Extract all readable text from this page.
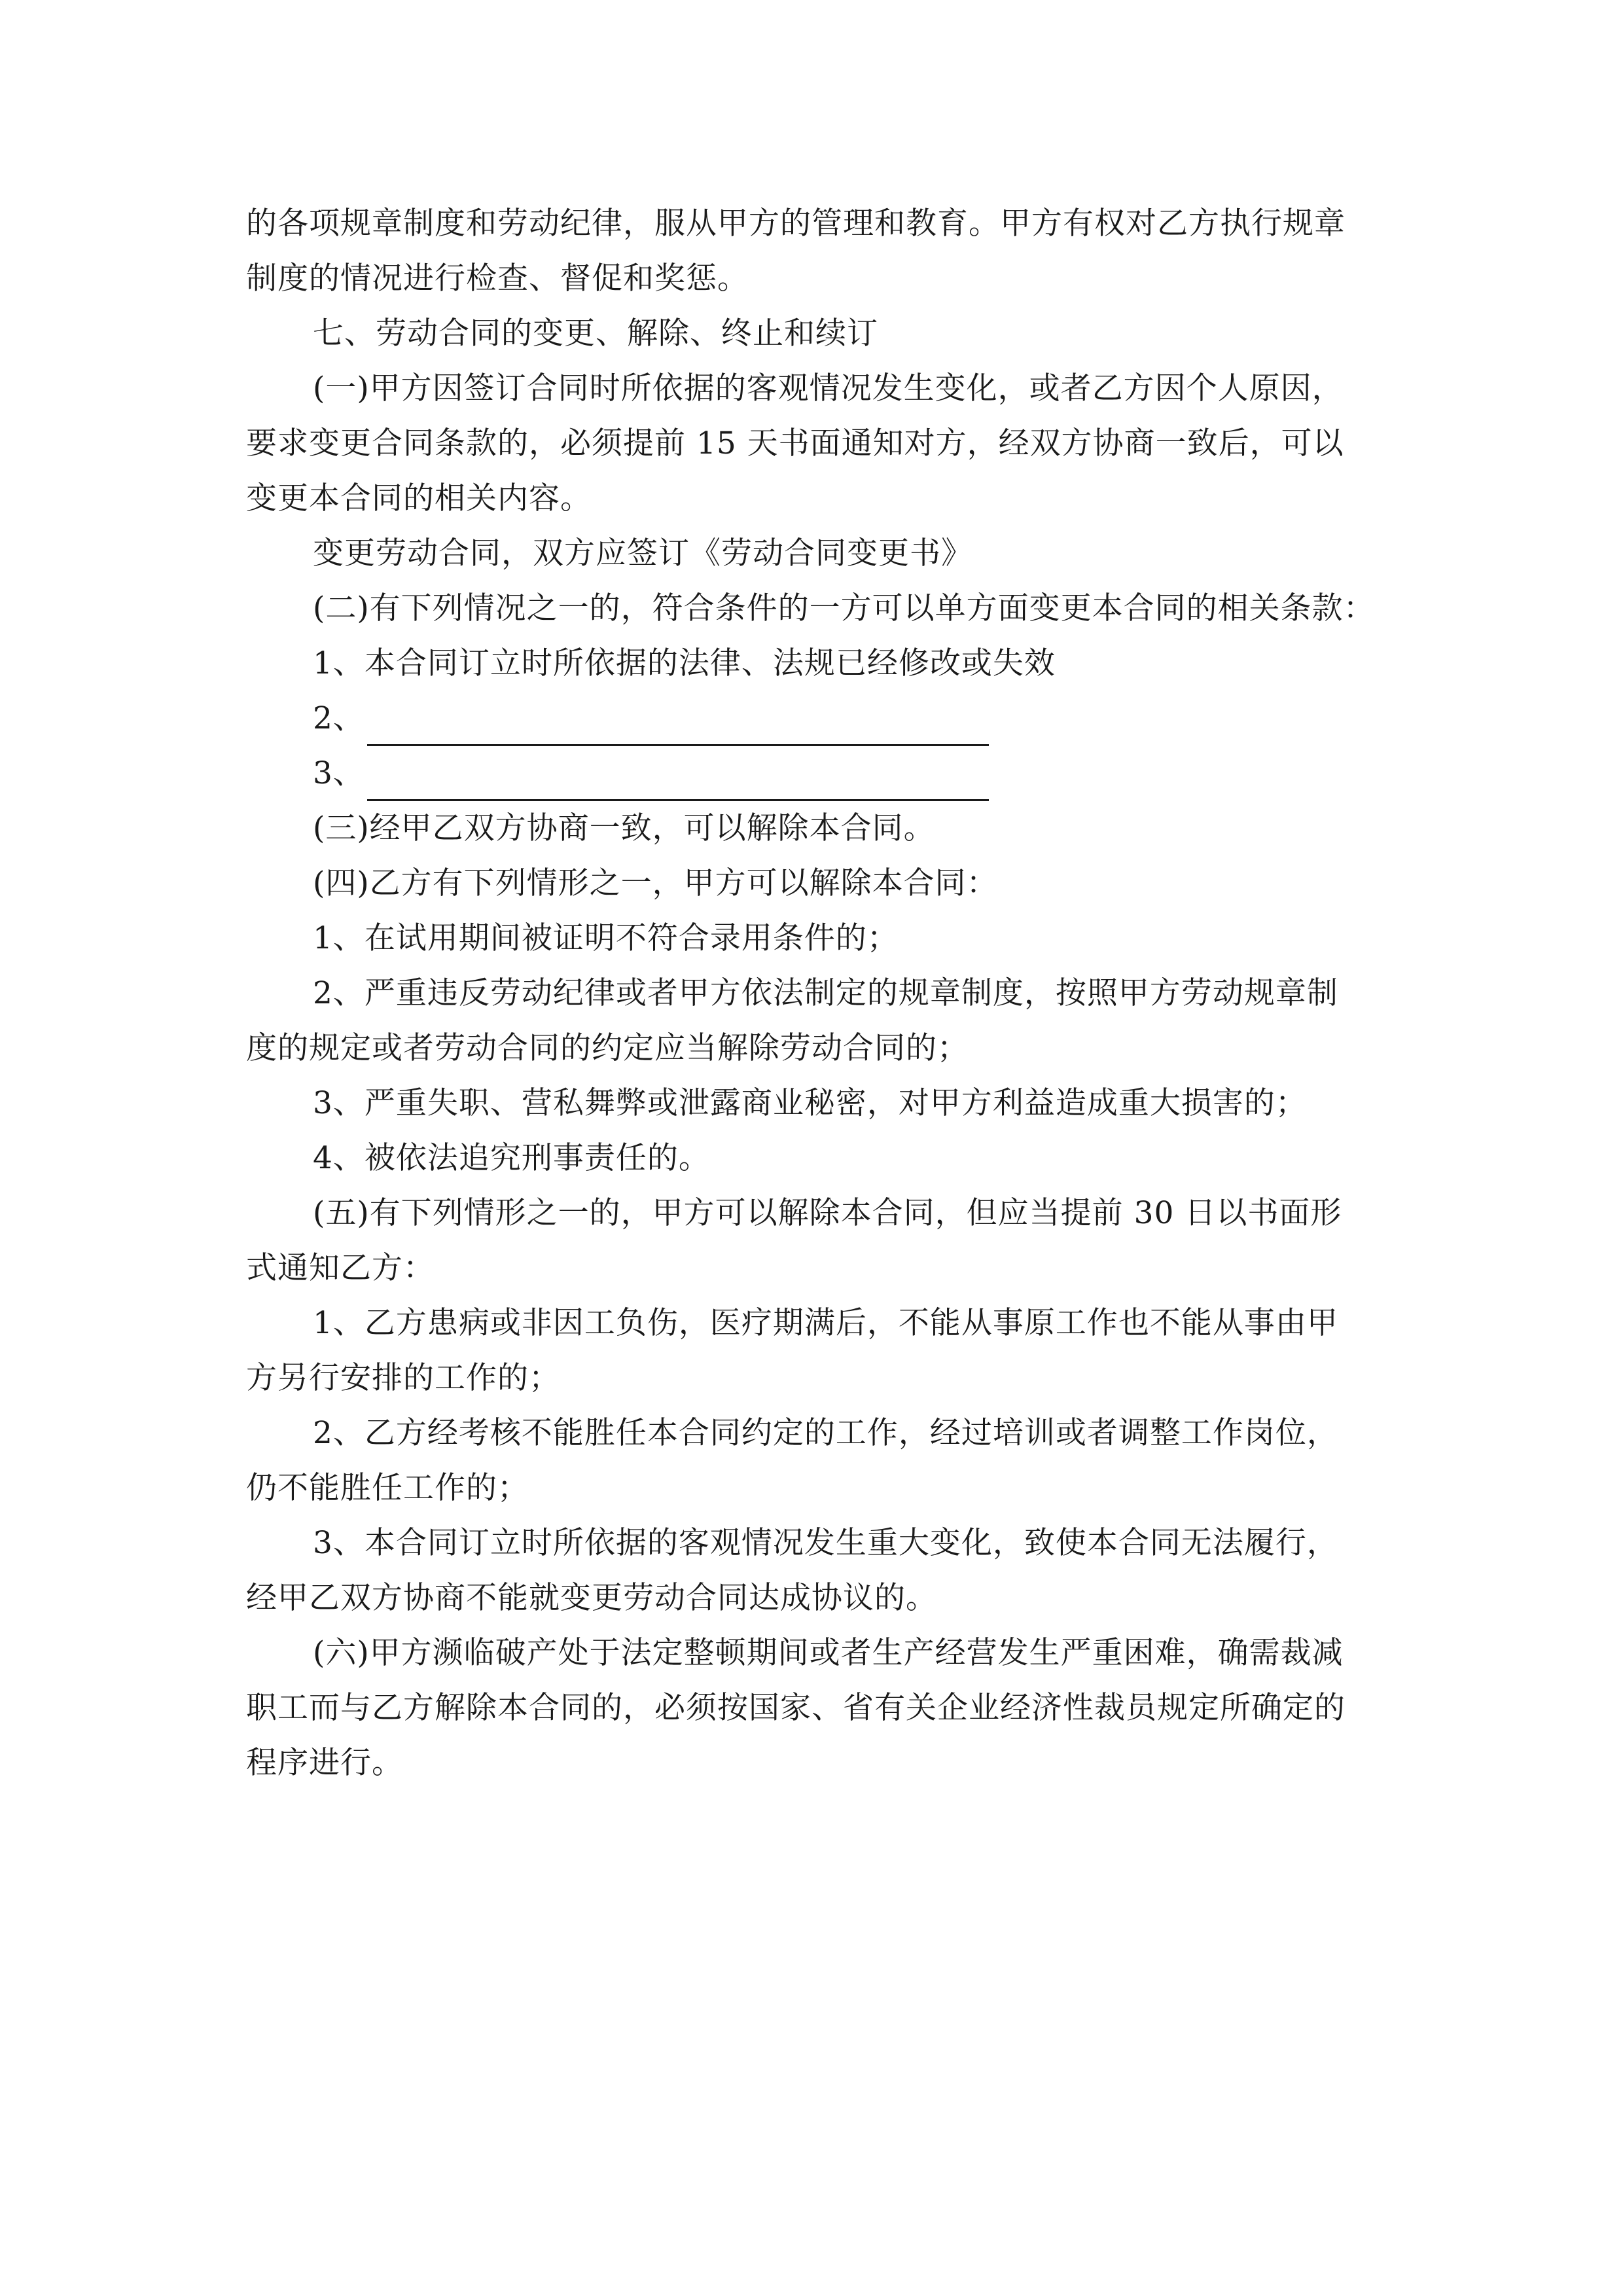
的各项规章制度和劳动纪律，服从甲方的管理和教育。甲方有权对乙方执行规章
制度的情况进行检查、督促和奖惩。
七、劳动合同的变更、解除、终止和续订
(一)甲方因签订合同时所依据的客观情况发生变化，或者乙方因个人原因，
要求变更合同条款的，必须提前 15 天书面通知对方，经双方协商一致后，可以
变更本合同的相关内容。
变更劳动合同，双方应签订《劳动合同变更书》
(二)有下列情况之一的，符合条件的一方可以单方面变更本合同的相关条款：
1、本合同订立时所依据的法律、法规已经修改或失效
2、
3、
(三)经甲乙双方协商一致，可以解除本合同。
(四)乙方有下列情形之一，甲方可以解除本合同：
1、在试用期间被证明不符合录用条件的；
2、严重违反劳动纪律或者甲方依法制定的规章制度，按照甲方劳动规章制
度的规定或者劳动合同的约定应当解除劳动合同的；
3、严重失职、营私舞弊或泄露商业秘密，对甲方利益造成重大损害的；
4、被依法追究刑事责任的。
(五)有下列情形之一的，甲方可以解除本合同，但应当提前 30 日以书面形
式通知乙方：
1、乙方患病或非因工负伤，医疗期满后，不能从事原工作也不能从事由甲
方另行安排的工作的；
2、乙方经考核不能胜任本合同约定的工作，经过培训或者调整工作岗位，
仍不能胜任工作的；
3、本合同订立时所依据的客观情况发生重大变化，致使本合同无法履行，
经甲乙双方协商不能就变更劳动合同达成协议的。
(六)甲方濒临破产处于法定整顿期间或者生产经营发生严重困难，确需裁减
职工而与乙方解除本合同的，必须按国家、省有关企业经济性裁员规定所确定的
程序进行。
